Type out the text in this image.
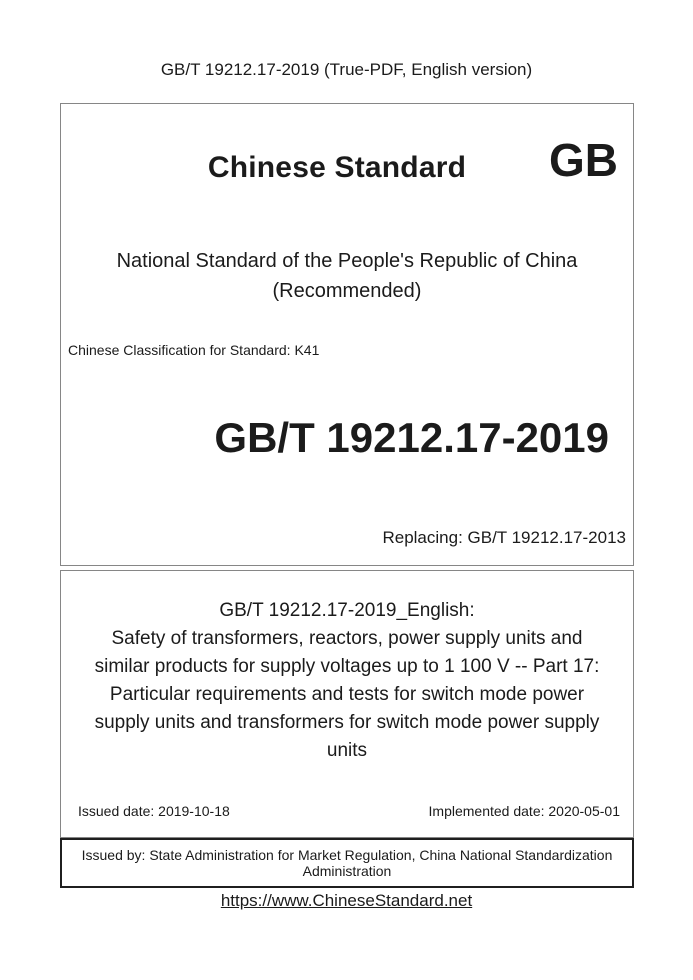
GB/T 19212.17-2019 (True-PDF, English version)
Chinese Standard	GB
National Standard of the People's Republic of China
(Recommended)
Chinese Classification for Standard: K41
GB/T 19212.17-2019
Replacing: GB/T 19212.17-2013
GB/T 19212.17-2019_English:
Safety of transformers, reactors, power supply units and
similar products for supply voltages up to 1 100 V -- Part 17:
Particular requirements and tests for switch mode power
supply units and transformers for switch mode power supply
units
Issued date: 2019-10-18	Implemented date: 2020-05-01
Issued by: State Administration for Market Regulation, China National Standardization
Administration
https://www.ChineseStandard.net
